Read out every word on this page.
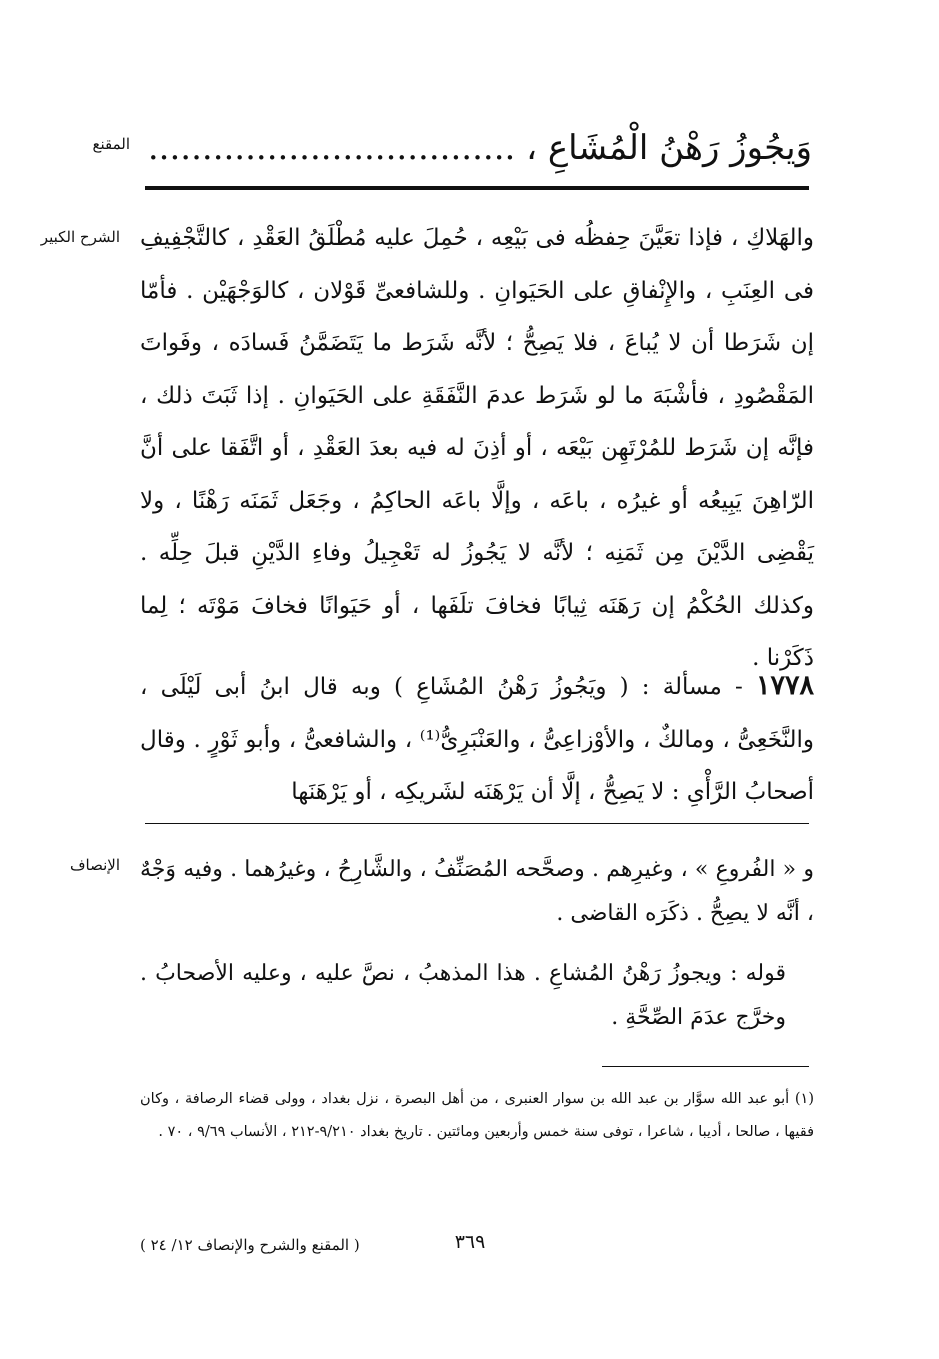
وَيجُوزُ رَهْنُ الْمُشَاعِ ، ..................................
المقنع
الشرح الكبير والهَلاكِ ، فإذا تعَيَّنَ حِفظُه فى بَيْعِه ، حُمِلَ عليه مُطْلَقُ العَقْدِ ، كالتَّجْفِيفِ فى العِنَبِ ، والإِنْفاقِ على الحَيَوانِ . وللشافعىِّ قَوْلان ، كالوَجْهَيْن . فأمّا إن شَرَطا أن لا يُباعَ ، فلا يَصِحُّ ؛ لأنَّه شَرَط ما يَتَضَمَّنُ فَسادَه ، وفَواتَ المَقْصُودِ ، فأشْبَهَ ما لو شَرَط عدمَ النَّفَقَةِ على الحَيَوانِ . إذا ثَبَتَ ذلك ، فإنَّه إن شَرَط للمُرْتَهِن بَيْعَه ، أو أذِنَ له فيه بعدَ العَقْدِ ، أو اتَّفَقا على أنَّ الرّاهِنَ يَبِيعُه أو غيرُه ، باعَه ، وإلَّا باعَه الحاكِمُ ، وجَعَل ثَمَنَه رَهْنًا ، ولا يَقْضِى الدَّيْنَ مِن ثَمَنِه ؛ لأنَّه لا يَجُوزُ له تَعْجِيلُ وفاءِ الدَّيْنِ قبلَ حِلِّه . وكذلك الحُكْمُ إن رَهَنَه ثِيابًا فخافَ تلَفَها ، أو حَيَوانًا فخافَ مَوْتَه ؛ لِما ذَكَرْنا .

١٧٧٨ - مسألة : ( ويَجُوزُ رَهْنُ المُشَاعِ ) وبه قال ابنُ أبى لَيْلَى ، والنَّخَعِىُّ ، ومالكٌ ، والأوْزاعِىُّ ، والعَنْبَرِىُّ⁽¹⁾ ، والشافعىُّ ، وأبو ثَوْرٍ . وقال أصحابُ الرَّأْىِ : لا يَصِحُّ ، إلَّا أن يَرْهَنَه لشَريكِه ، أو يَرْهَنَها

الإنصاف و « الفُروعِ » ، وغيرِهم . وصحَّحه المُصَنِّفُ ، والشَّارِحُ ، وغيرُهما . وفيه وَجْهٌ ، أنَّه لا يصِحُّ . ذكَرَه القاضى .

قوله : ويجوزُ رَهْنُ المُشاعِ . هذا المذهبُ ، نصَّ عليه ، وعليه الأصحابُ . وخرَّج عدَمَ الصِّحَّةِ .

(١) أبو عبد الله سوَّار بن عبد الله بن سوار العنبرى ، من أهل البصرة ، نزل بغداد ، وولى قضاء الرصافة ، وكان فقيها ، صالحا ، أديبا ، شاعرا ، توفى سنة خمس وأربعين ومائتين . تاريخ بغداد ٩/٢١٠-٢١٢ ، الأنساب ٩/٦٩ ، ٧٠ .
٣٦٩
( المقنع والشرح والإنصاف ١٢/ ٢٤ )
